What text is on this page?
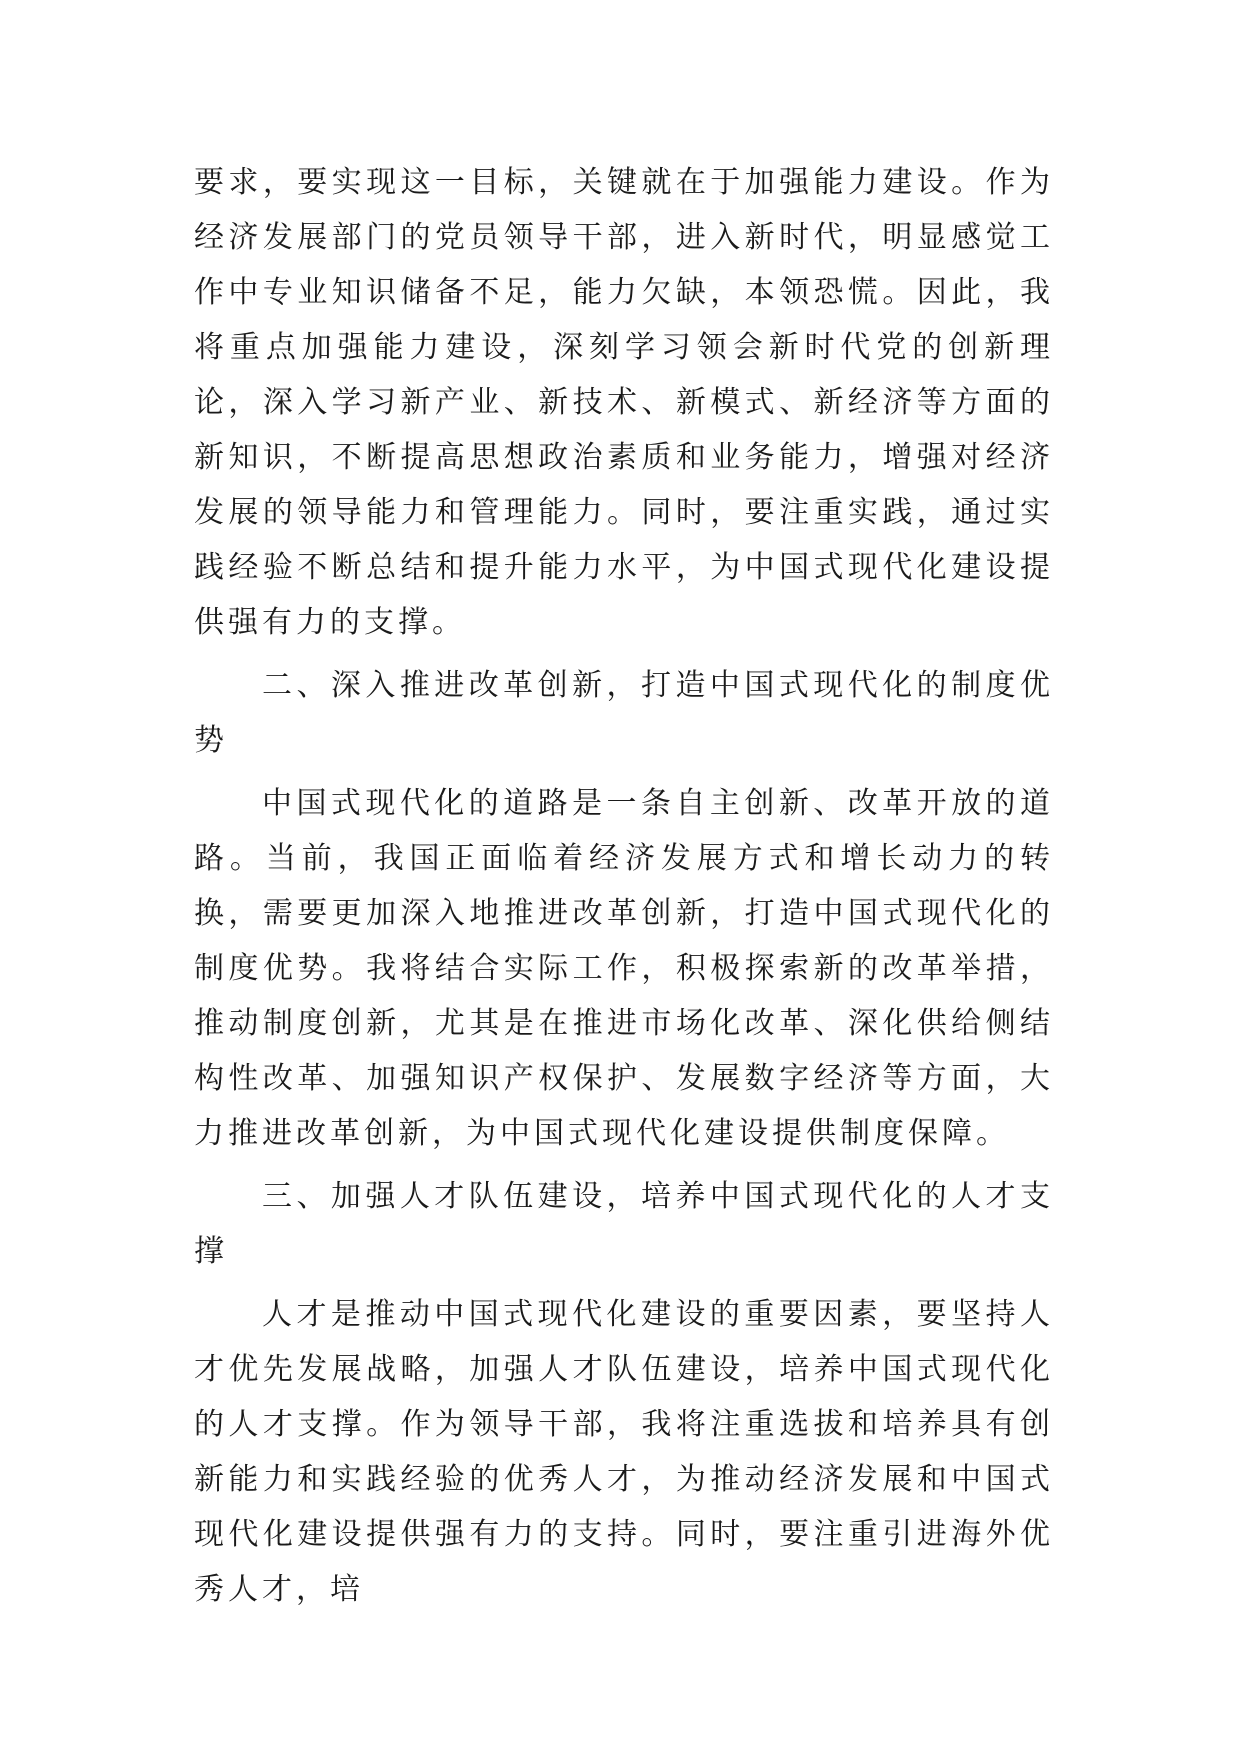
要求，要实现这一目标，关键就在于加强能力建设。作为经济发展部门的党员领导干部，进入新时代，明显感觉工作中专业知识储备不足，能力欠缺，本领恐慌。因此，我将重点加强能力建设，深刻学习领会新时代党的创新理论，深入学习新产业、新技术、新模式、新经济等方面的新知识，不断提高思想政治素质和业务能力，增强对经济发展的领导能力和管理能力。同时，要注重实践，通过实践经验不断总结和提升能力水平，为中国式现代化建设提供强有力的支撑。

二、深入推进改革创新，打造中国式现代化的制度优势

中国式现代化的道路是一条自主创新、改革开放的道路。当前，我国正面临着经济发展方式和增长动力的转换，需要更加深入地推进改革创新，打造中国式现代化的制度优势。我将结合实际工作，积极探索新的改革举措，推动制度创新，尤其是在推进市场化改革、深化供给侧结构性改革、加强知识产权保护、发展数字经济等方面，大力推进改革创新，为中国式现代化建设提供制度保障。

三、加强人才队伍建设，培养中国式现代化的人才支撑

人才是推动中国式现代化建设的重要因素，要坚持人才优先发展战略，加强人才队伍建设，培养中国式现代化的人才支撑。作为领导干部，我将注重选拔和培养具有创新能力和实践经验的优秀人才，为推动经济发展和中国式现代化建设提供强有力的支持。同时，要注重引进海外优秀人才，培
